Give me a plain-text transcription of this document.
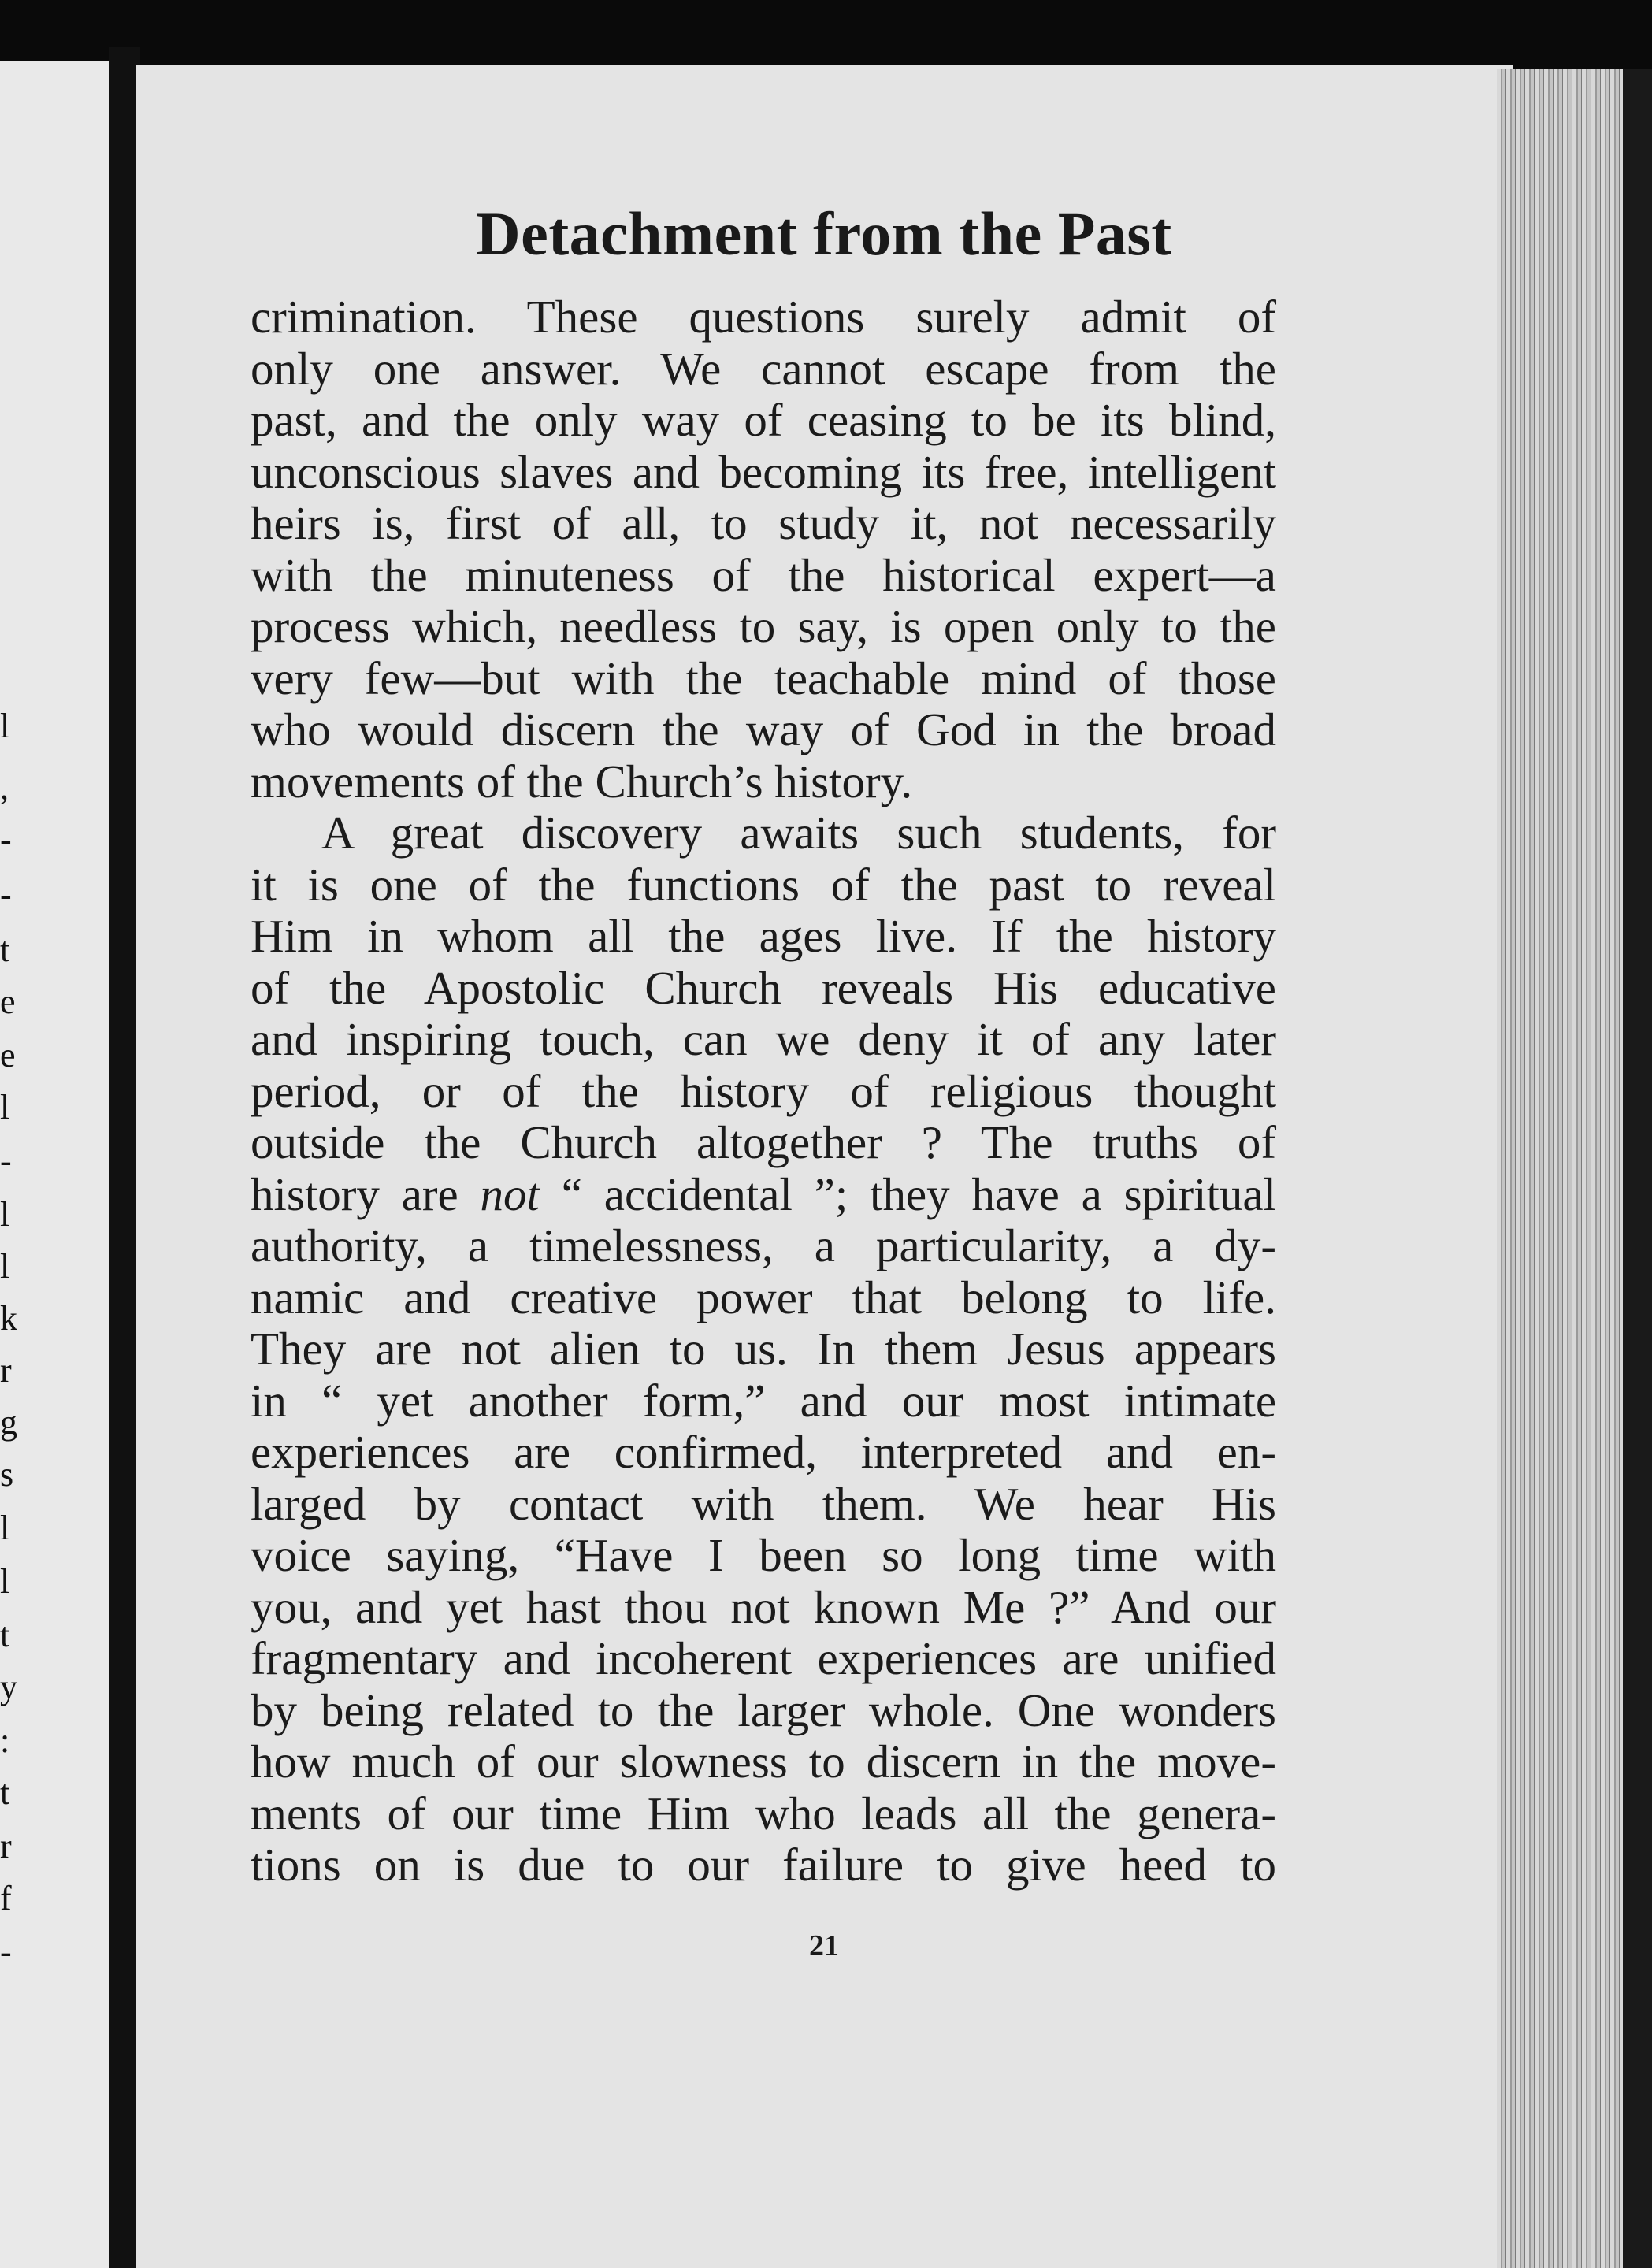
l
,
-
-
t
e
e
l
-
l
l
k
r
g
s
l
l
t
y
:
t
r
f
-
Detachment from the Past
crimination. These questions surely admit of
only one answer. We cannot escape from the
past, and the only way of ceasing to be its blind,
unconscious slaves and becoming its free, intelligent
heirs is, first of all, to study it, not necessarily
with the minuteness of the historical expert—a
process which, needless to say, is open only to the
very few—but with the teachable mind of those
who would discern the way of God in the broad
movements of the Church’s history.
A great discovery awaits such students, for
it is one of the functions of the past to reveal
Him in whom all the ages live. If the history
of the Apostolic Church reveals His educative
and inspiring touch, can we deny it of any later
period, or of the history of religious thought
outside the Church altogether ? The truths of
history are not “ accidental ”; they have a spiritual
authority, a timelessness, a particularity, a dy-
namic and creative power that belong to life.
They are not alien to us. In them Jesus appears
in “ yet another form,” and our most intimate
experiences are confirmed, interpreted and en-
larged by contact with them. We hear His
voice saying, “Have I been so long time with
you, and yet hast thou not known Me ?” And our
fragmentary and incoherent experiences are unified
by being related to the larger whole. One wonders
how much of our slowness to discern in the move-
ments of our time Him who leads all the genera-
tions on is due to our failure to give heed to
21
